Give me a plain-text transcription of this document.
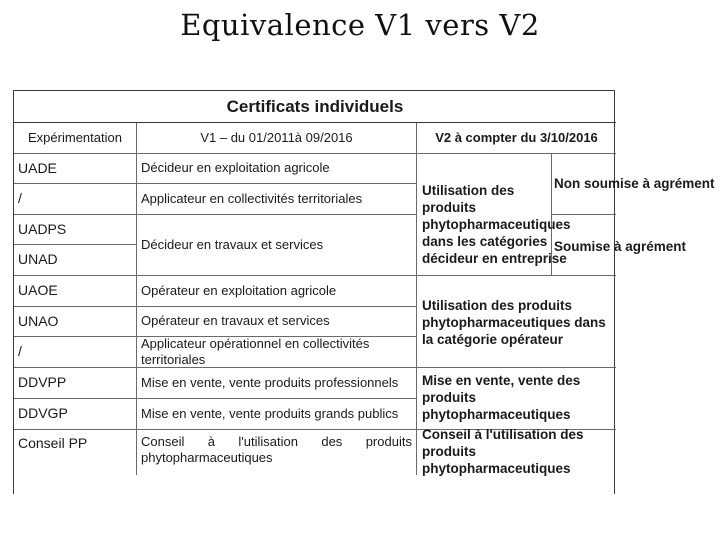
Equivalence V1 vers V2
Certificats individuels
Expérimentation	V1 – du 01/2011à 09/2016	V2 à compter du 3/10/2016
UADE
/
UADPS
UNAD
UAOE
UNAO
/
DDVPP
DDVGP
Conseil PP
Décideur en exploitation agricole
Applicateur en collectivités territoriales
Décideur en travaux et services
Opérateur en exploitation agricole
Opérateur en travaux et services
Applicateur opérationnel en collectivités territoriales
Mise en vente, vente produits professionnels
Mise en vente, vente produits grands publics
Conseil à l'utilisation des produits
phytopharmaceutiques
Utilisation des produits phytopharmaceutiques dans les catégories décideur en entreprise
Utilisation des produits phytopharmaceutiques dans la catégorie opérateur
Mise en vente, vente des produits phytopharmaceutiques
Conseil à l'utilisation des produits phytopharmaceutiques
Non soumise à agrément
Soumise à agrément
